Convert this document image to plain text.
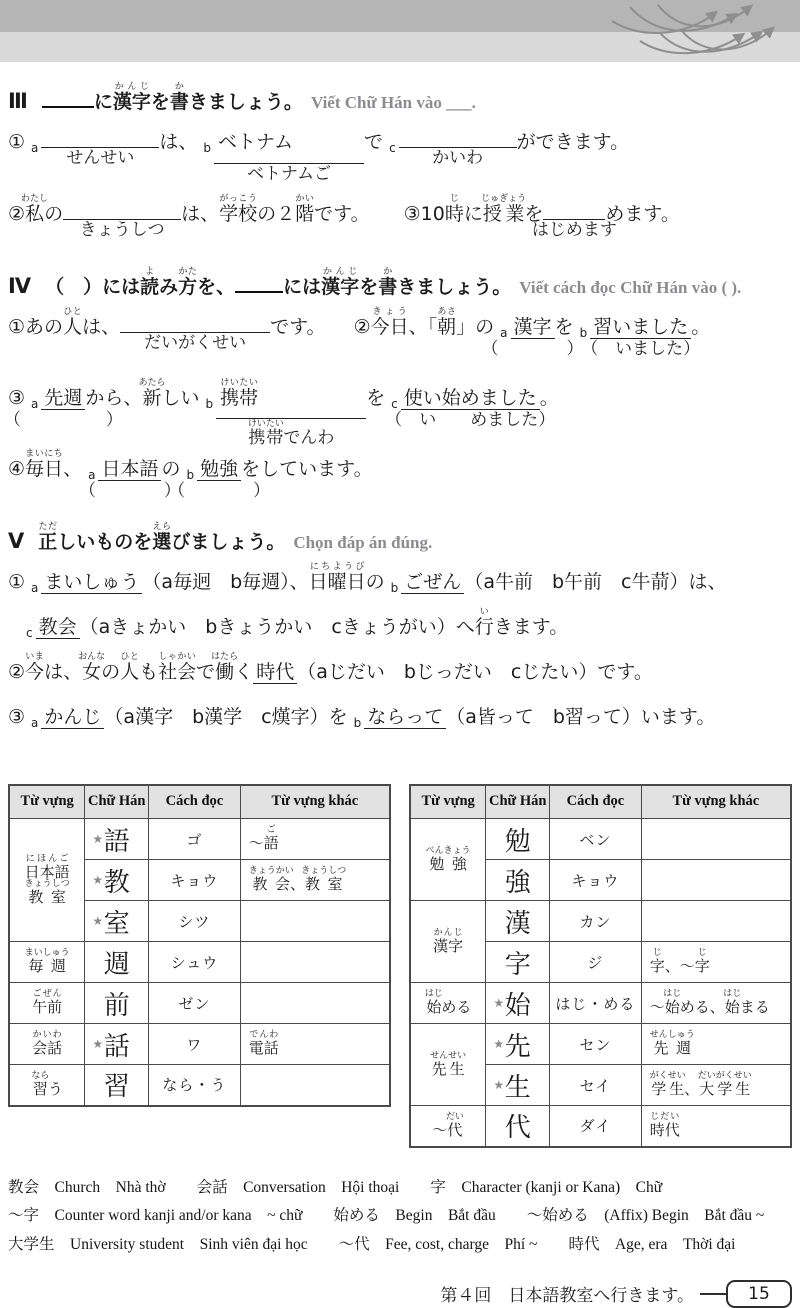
Ⅲ	に漢字かんじを書かきましょう。 Viết Chữ Hán vào ___.
① $_a$ せんせい
は、 $_b$ ベトナム
ベトナムご
で $_c$ かいわ
ができます。
②私わたしの
きょうしつ
は、学校がっこうの２階かいです。 ③10時じに授業じゅぎょうを
はじめます
めます。
Ⅳ （　）には読よみ方かたを、	には漢字かんじを書かきましょう。 Viết cách đọc Chữ Hán vào ( ).
①あの人ひとは、
だいがくせい
です。 ②今日きょう、「朝あさ」の $_a$ 漢字
（　　　　）
を $_b$ 習いました
（　いました）
。
③ $_a$ 先週
（　　　　　）
から、新あたらしい $_b$ 携帯けいたい
携帯けいたいでんわ
を $_c$ 使い始めました
（　い　　めました）
。
④毎日まいにち、 $_a$ 日本語
（　　　　）
の $_b$ 勉強
（　　　　）
をしています。
Ⅴ 正ただしいものを選えらびましょう。 Chọn đáp án đúng.
① $_a$ まいしゅう （a毎迥　b毎週）、日曜日にちようびの $_b$ ごぜん （a牛前　b午前　c牛葥）は、
$_c$ 教会 （aきょかい　bきょうかい　cきょうがい）へ行いきます。
②今いまは、女おんなの人ひとも社会しゃかいで働はたらく 時代 （aじだい　bじっだい　cじたい）です。
③ $_a$ かんじ （a漢字　b漢学　c熯字）を $_b$ ならって （a皆って　b習って）います。
Từ vựng	Chữ Hán	Cách đọc	Từ vựng khác
日本語にほんご
教室きょうしつ	★ 語	ゴ	〜語ご

	★ 教	キョウ	教会きょうかい、教室きょうしつ

	★ 室	シツ	
毎週まいしゅう	週	シュウ	
午前ごぜん	前	ゼン	
会話かいわ	★ 話	ワ	電話でんわ
習ならう	習	なら・う	
Từ vựng	Chữ Hán	Cách đọc	Từ vựng khác
勉強べんきょう	勉	ベン	
	強	キョウ	
漢字かんじ	漢	カン	
	字	ジ	字じ、〜字じ
始はじめる	★ 始	はじ・める	〜始はじめる、始はじまる
先生せんせい	★ 先	セン	先週せんしゅう

	★ 生	セイ	学生がくせい、大学生だいがくせい
〜代だい	代	ダイ	時代じだい
教会　Church　Nhà thờ　　会話　Conversation　Hội thoại　　字　Character (kanji or Kana)　Chữ
〜字　Counter word kanji and/or kana　~ chữ　　始める　Begin　Bắt đầu　　〜始める　(Affix) Begin　Bắt đầu ~
大学生　University student　Sinh viên đại học　　〜代　Fee, cost, charge　Phí ~　　時代　Age, era　Thời đại
第４回　日本語教室へ行きます。	15
